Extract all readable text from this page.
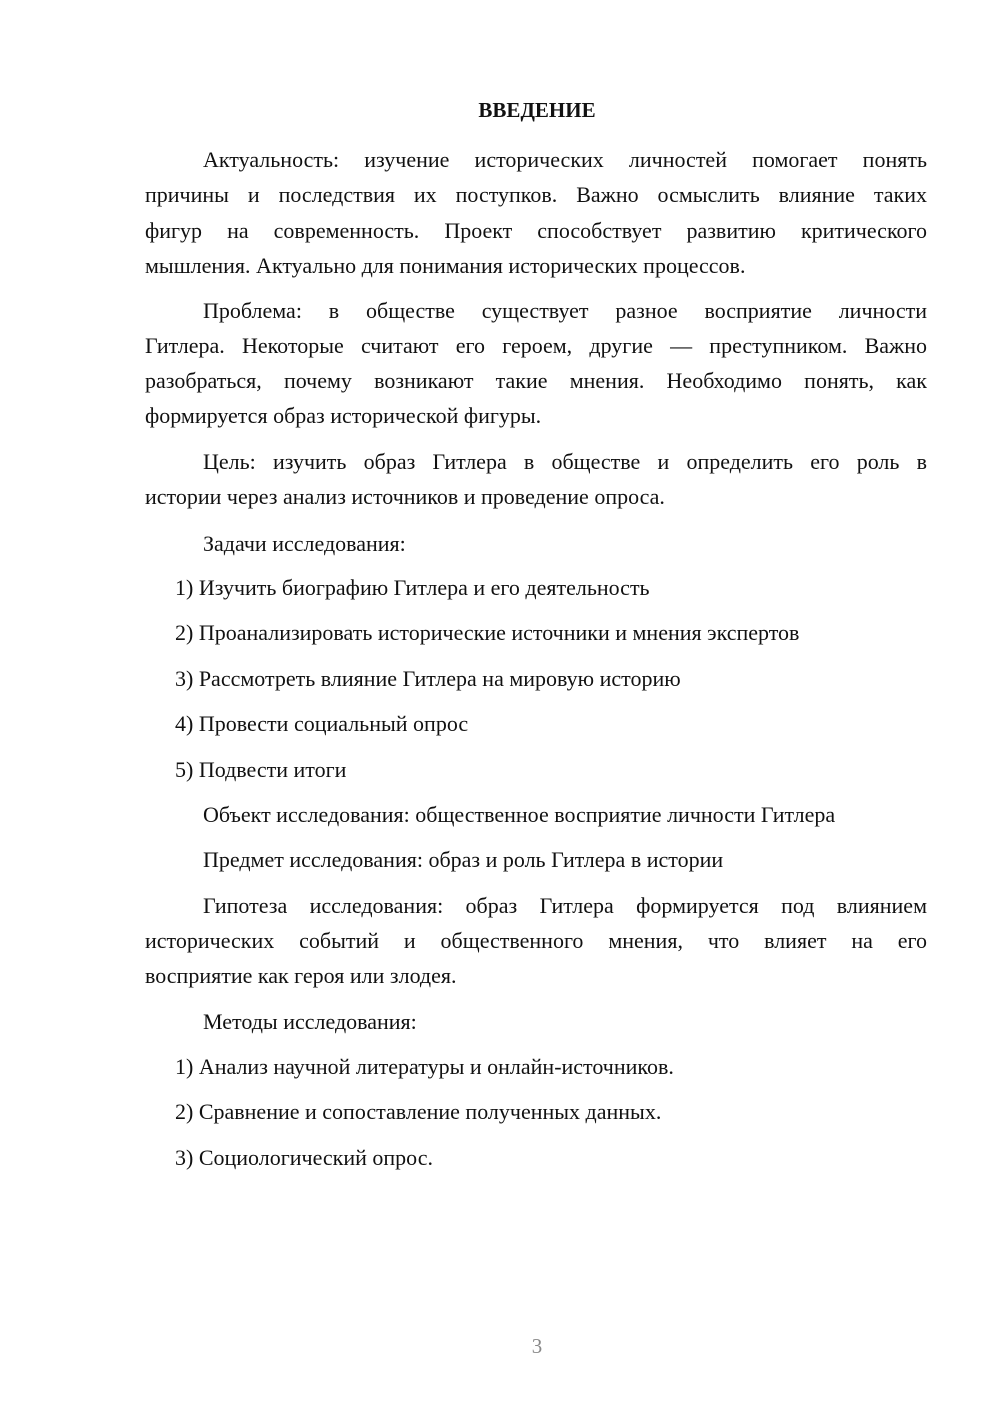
ВВЕДЕНИЕ
Актуальность: изучение исторических личностей помогает понять
причины и последствия их поступков. Важно осмыслить влияние таких
фигур на современность. Проект способствует развитию критического
мышления. Актуально для понимания исторических процессов.
Проблема: в обществе существует разное восприятие личности
Гитлера. Некоторые считают его героем, другие — преступником. Важно
разобраться, почему возникают такие мнения. Необходимо понять, как
формируется образ исторической фигуры.
Цель: изучить образ Гитлера в обществе и определить его роль в
истории через анализ источников и проведение опроса.
Задачи исследования:
1) Изучить биографию Гитлера и его деятельность
2) Проанализировать исторические источники и мнения экспертов
3) Рассмотреть влияние Гитлера на мировую историю
4) Провести социальный опрос
5) Подвести итоги
Объект исследования: общественное восприятие личности Гитлера
Предмет исследования: образ и роль Гитлера в истории
Гипотеза исследования: образ Гитлера формируется под влиянием
исторических событий и общественного мнения, что влияет на его
восприятие как героя или злодея.
Методы исследования:
1) Анализ научной литературы и онлайн-источников.
2) Сравнение и сопоставление полученных данных.
3) Социологический опрос.
3
